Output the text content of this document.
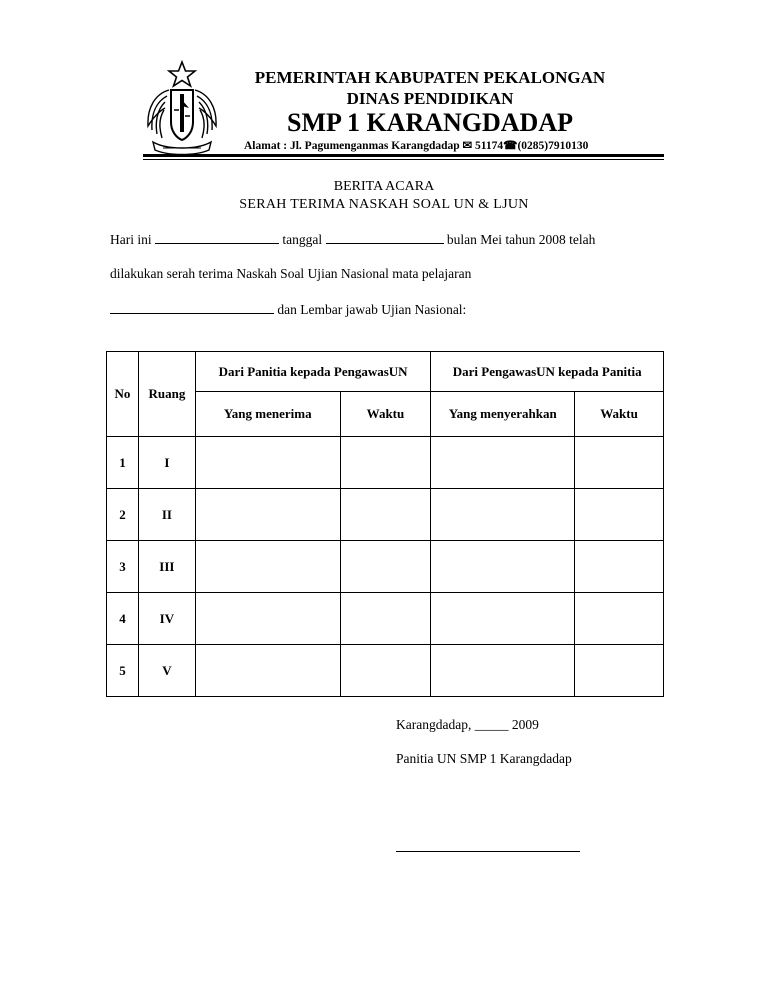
PEMERINTAH KABUPATEN PEKALONGAN
DINAS PENDIDIKAN
SMP 1 KARANGDADAP
Alamat : Jl. Pagumenganmas Karangdadap ✉ 51174☎(0285)7910130
BERITA ACARA
SERAH TERIMA NASKAH SOAL UN & LJUN
Hari ini	tanggal	bulan Mei tahun 2008 telah
dilakukan serah terima Naskah Soal Ujian Nasional mata pelajaran
dan Lembar jawab Ujian Nasional:
No	Ruang	Dari Panitia kepada PengawasUN		Dari PengawasUN kepada Panitia	
		Yang menerima	Waktu	Yang menyerahkan	Waktu
1	I				
2	II				
3	III				
4	IV				
5	V				
Karangdadap, _____ 2009
Panitia UN SMP 1 Karangdadap
